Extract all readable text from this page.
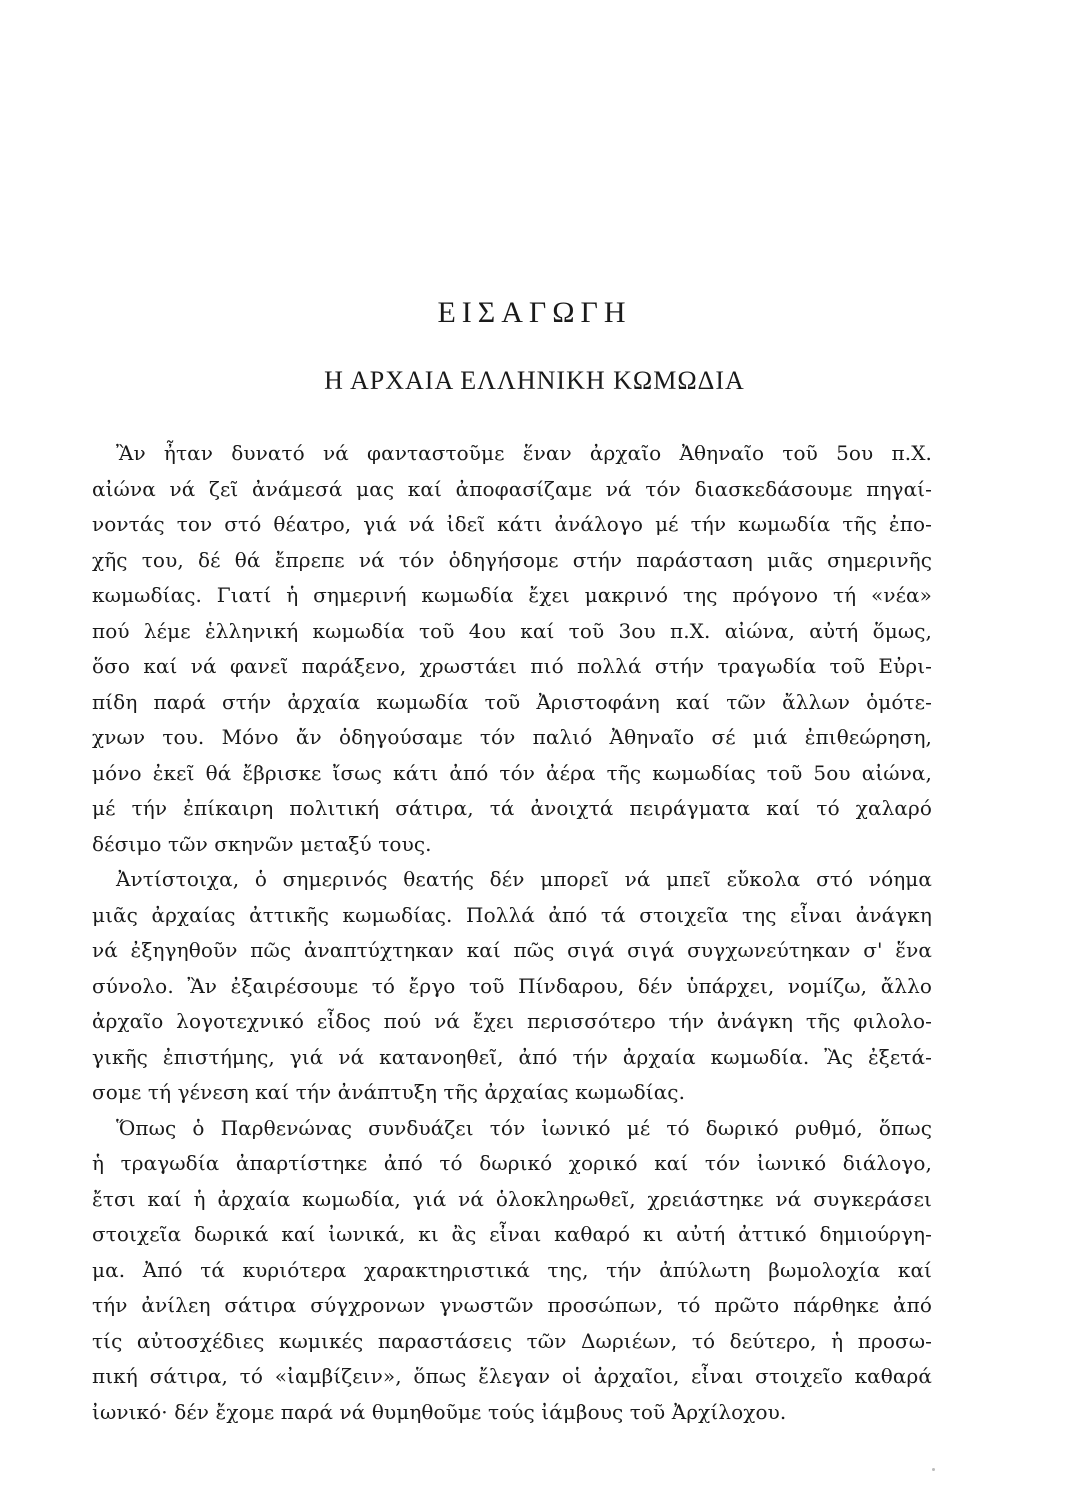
ΕΙΣΑΓΩΓΗ
Η ΑΡΧΑΙΑ ΕΛΛΗΝΙΚΗ ΚΩΜΩΔΙΑ
Ἂν ἦταν δυνατό νά φανταστοῦμε ἕναν ἀρχαῖο Ἀθηναῖο τοῦ 5ου π.Χ.
αἰώνα νά ζεῖ ἀνάμεσά μας καί ἀποφασίζαμε νά τόν διασκεδάσουμε πηγαί-
νοντάς τον στό θέατρο, γιά νά ἰδεῖ κάτι ἀνάλογο μέ τήν κωμωδία τῆς ἐπο-
χῆς του, δέ θά ἔπρεπε νά τόν ὁδηγήσομε στήν παράσταση μιᾶς σημερινῆς
κωμωδίας. Γιατί ἡ σημερινή κωμωδία ἔχει μακρινό της πρόγονο τή «νέα»
πού λέμε ἑλληνική κωμωδία τοῦ 4ου καί τοῦ 3ου π.Χ. αἰώνα, αὐτή ὅμως,
ὅσο καί νά φανεῖ παράξενο, χρωστάει πιό πολλά στήν τραγωδία τοῦ Εὐρι-
πίδη παρά στήν ἀρχαία κωμωδία τοῦ Ἀριστοφάνη καί τῶν ἄλλων ὁμότε-
χνων του. Μόνο ἄν ὁδηγούσαμε τόν παλιό Ἀθηναῖο σέ μιά ἐπιθεώρηση,
μόνο ἐκεῖ θά ἔβρισκε ἴσως κάτι ἀπό τόν ἀέρα τῆς κωμωδίας τοῦ 5ου αἰώνα,
μέ τήν ἐπίκαιρη πολιτική σάτιρα, τά ἀνοιχτά πειράγματα καί τό χαλαρό
δέσιμο τῶν σκηνῶν μεταξύ τους.
Ἀντίστοιχα, ὁ σημερινός θεατής δέν μπορεῖ νά μπεῖ εὔκολα στό νόημα
μιᾶς ἀρχαίας ἀττικῆς κωμωδίας. Πολλά ἀπό τά στοιχεῖα της εἶναι ἀνάγκη
νά ἐξηγηθοῦν πῶς ἀναπτύχτηκαν καί πῶς σιγά σιγά συγχωνεύτηκαν σ' ἕνα
σύνολο. Ἂν ἐξαιρέσουμε τό ἔργο τοῦ Πίνδαρου, δέν ὑπάρχει, νομίζω, ἄλλο
ἀρχαῖο λογοτεχνικό εἶδος πού νά ἔχει περισσότερο τήν ἀνάγκη τῆς φιλολο-
γικῆς ἐπιστήμης, γιά νά κατανοηθεῖ, ἀπό τήν ἀρχαία κωμωδία. Ἂς ἐξετά-
σομε τή γένεση καί τήν ἀνάπτυξη τῆς ἀρχαίας κωμωδίας.
Ὅπως ὁ Παρθενώνας συνδυάζει τόν ἰωνικό μέ τό δωρικό ρυθμό, ὅπως
ἡ τραγωδία ἀπαρτίστηκε ἀπό τό δωρικό χορικό καί τόν ἰωνικό διάλογο,
ἔτσι καί ἡ ἀρχαία κωμωδία, γιά νά ὁλοκληρωθεῖ, χρειάστηκε νά συγκεράσει
στοιχεῖα δωρικά καί ἰωνικά, κι ἂς εἶναι καθαρό κι αὐτή ἀττικό δημιούργη-
μα. Ἀπό τά κυριότερα χαρακτηριστικά της, τήν ἀπύλωτη βωμολοχία καί
τήν ἀνίλεη σάτιρα σύγχρονων γνωστῶν προσώπων, τό πρῶτο πάρθηκε ἀπό
τίς αὐτοσχέδιες κωμικές παραστάσεις τῶν Δωριέων, τό δεύτερο, ἡ προσω-
πική σάτιρα, τό «ἰαμβίζειν», ὅπως ἔλεγαν οἱ ἀρχαῖοι, εἶναι στοιχεῖο καθαρά
ἰωνικό· δέν ἔχομε παρά νά θυμηθοῦμε τούς ἰάμβους τοῦ Ἀρχίλοχου.
